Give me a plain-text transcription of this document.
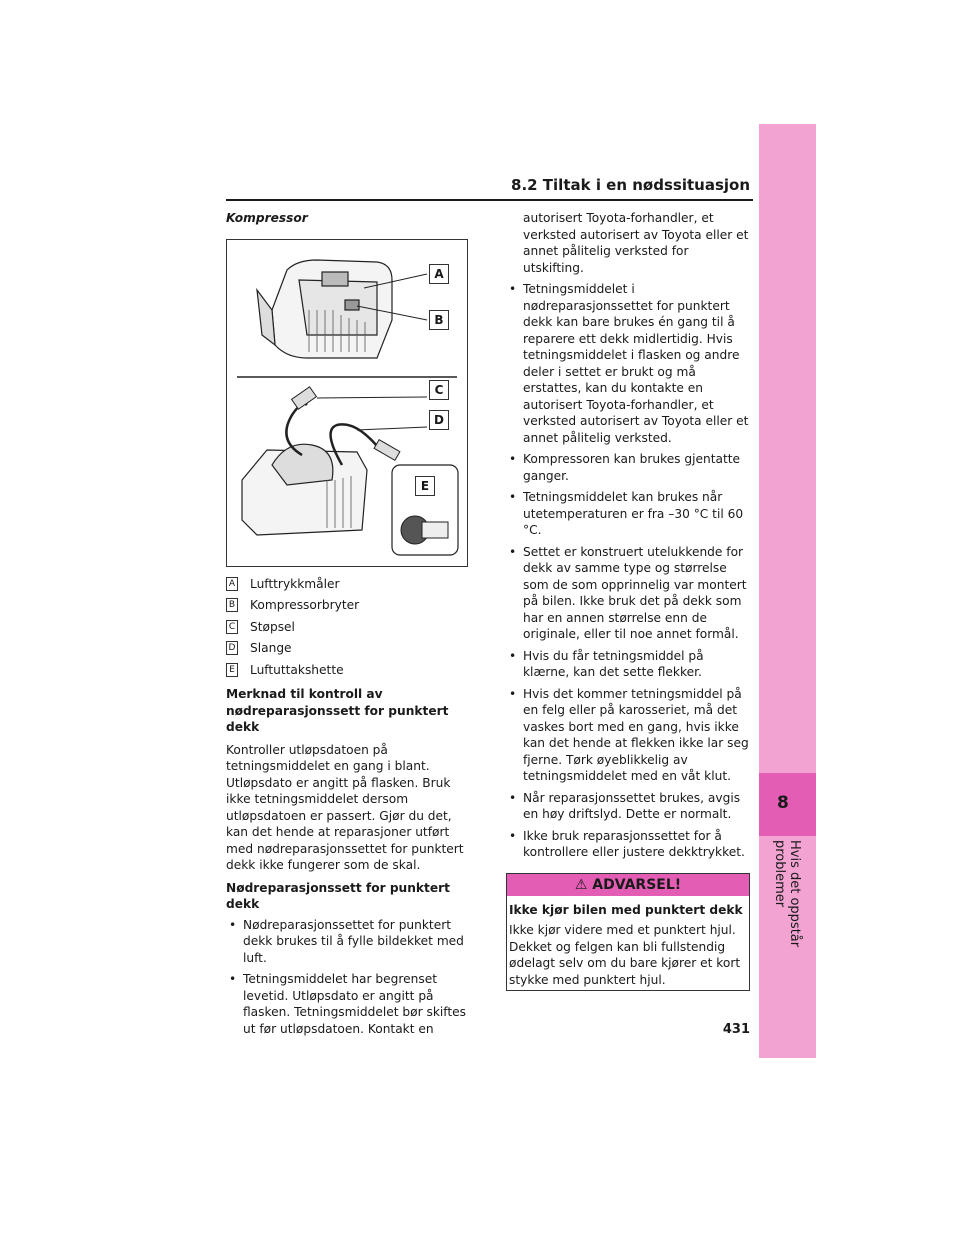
8
Hvis det oppstår problemer
8.2 Tiltak i en nødssituasjon

Kompressor

A
B
C
D
E
A Lufttrykkmåler
B Kompressorbryter
C Støpsel
D Slange
E Luftuttakshette

Merknad til kontroll av nødreparasjonssett for punktert dekk

Kontroller utløpsdatoen på tetningsmiddelet en gang i blant. Utløpsdato er angitt på flasken. Bruk ikke tetningsmiddelet dersom utløpsdatoen er passert. Gjør du det, kan det hende at reparasjoner utført med nødreparasjonssettet for punktert dekk ikke fungerer som de skal.

Nødreparasjonssett for punktert dekk

• Nødreparasjonssettet for punktert dekk brukes til å fylle bildekket med luft.
• Tetningsmiddelet har begrenset levetid. Utløpsdato er angitt på flasken. Tetningsmiddelet bør skiftes ut før utløpsdatoen. Kontakt en

autorisert Toyota-forhandler, et verksted autorisert av Toyota eller et annet pålitelig verksted for utskifting.

• Tetningsmiddelet i nødreparasjonssettet for punktert dekk kan bare brukes én gang til å reparere ett dekk midlertidig. Hvis tetningsmiddelet i flasken og andre deler i settet er brukt og må erstattes, kan du kontakte en autorisert Toyota-forhandler, et verksted autorisert av Toyota eller et annet pålitelig verksted.
• Kompressoren kan brukes gjentatte ganger.
• Tetningsmiddelet kan brukes når utetemperaturen er fra –30 °C til 60 °C.
• Settet er konstruert utelukkende for dekk av samme type og størrelse som de som opprinnelig var montert på bilen. Ikke bruk det på dekk som har en annen størrelse enn de originale, eller til noe annet formål.
• Hvis du får tetningsmiddel på klærne, kan det sette flekker.
• Hvis det kommer tetningsmiddel på en felg eller på karosseriet, må det vaskes bort med en gang, hvis ikke kan det hende at flekken ikke lar seg fjerne. Tørk øyeblikkelig av tetningsmiddelet med en våt klut.
• Når reparasjonssettet brukes, avgis en høy driftslyd. Dette er normalt.
• Ikke bruk reparasjonssettet for å kontrollere eller justere dekktrykket.
⚠ ADVARSEL!

Ikke kjør bilen med punktert dekk

Ikke kjør videre med et punktert hjul. Dekket og felgen kan bli fullstendig ødelagt selv om du bare kjører et kort stykke med punktert hjul.

431
